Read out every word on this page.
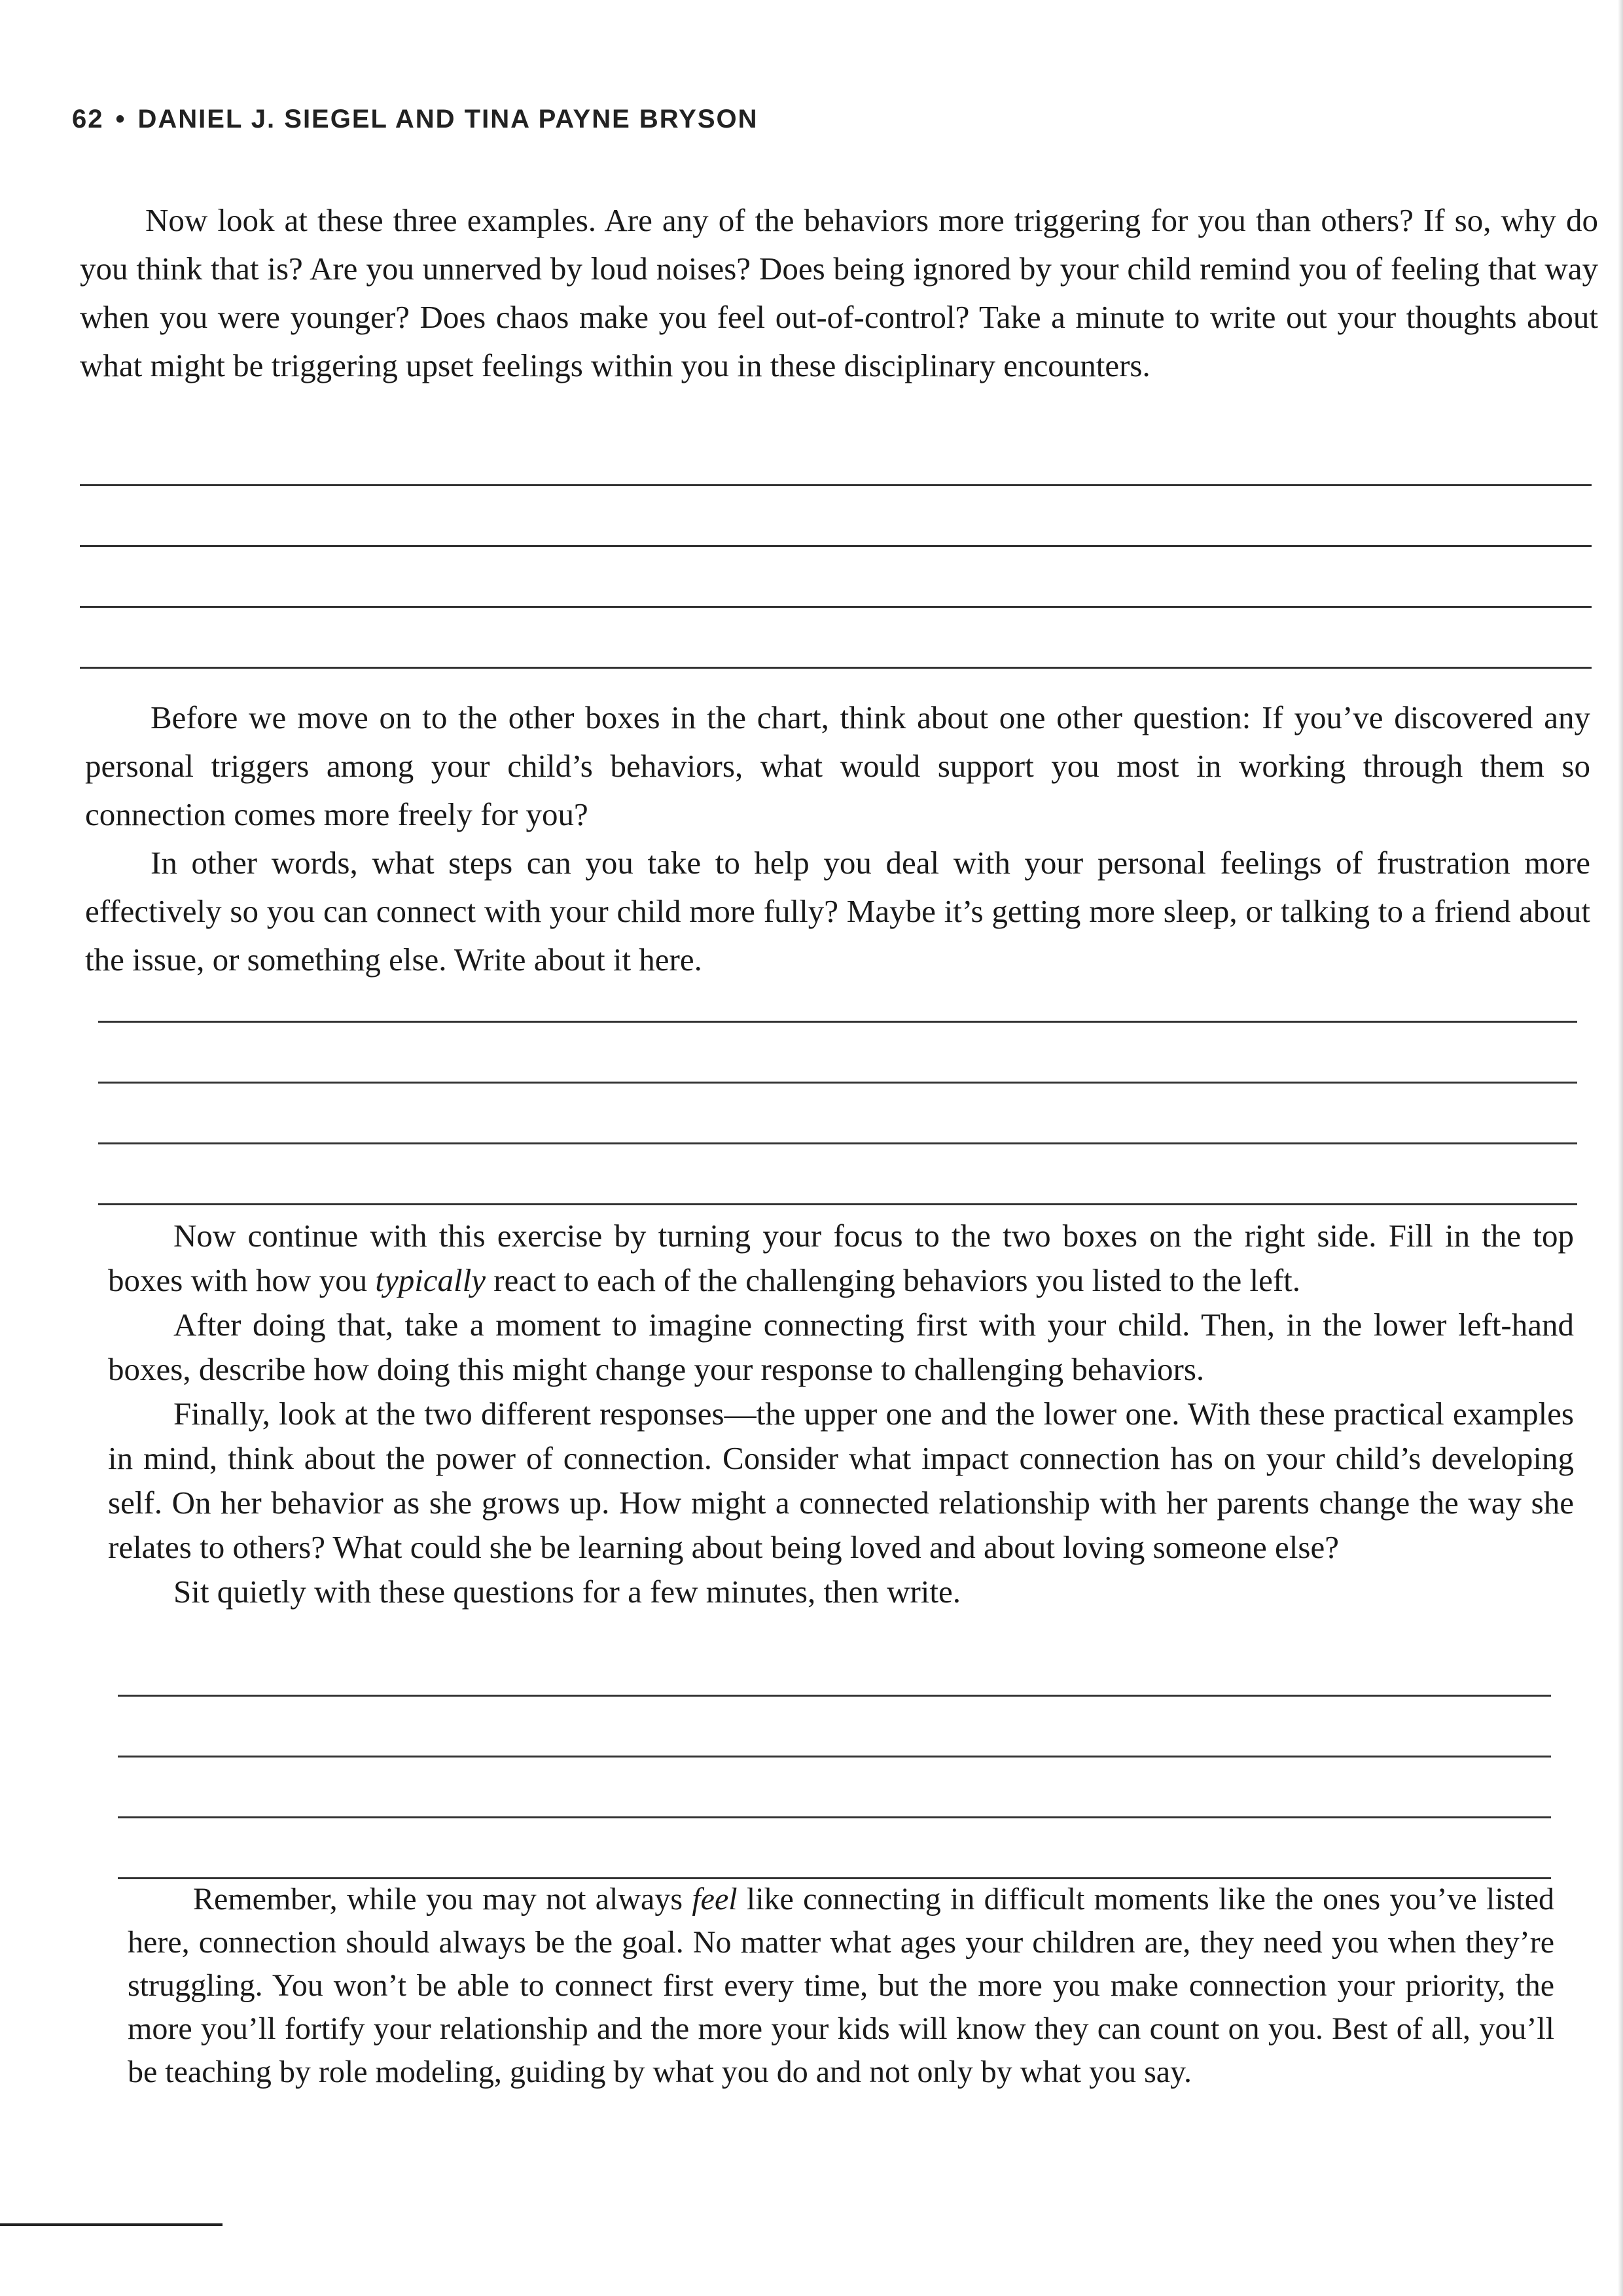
62 • DANIEL J. SIEGEL AND TINA PAYNE BRYSON

Now look at these three examples. Are any of the behaviors more triggering for you than others? If so, why do you think that is? Are you unnerved by loud noises? Does being ignored by your child remind you of feeling that way when you were younger? Does chaos make you feel out-of-control? Take a minute to write out your thoughts about what might be triggering upset feelings within you in these disciplinary encounters.

Before we move on to the other boxes in the chart, think about one other question: If you’ve discovered any personal triggers among your child’s behaviors, what would support you most in working through them so connection comes more freely for you?

In other words, what steps can you take to help you deal with your personal feelings of frustration more effectively so you can connect with your child more fully? Maybe it’s getting more sleep, or talking to a friend about the issue, or something else. Write about it here.

Now continue with this exercise by turning your focus to the two boxes on the right side. Fill in the top boxes with how you typically react to each of the challenging behaviors you listed to the left.

After doing that, take a moment to imagine connecting first with your child. Then, in the lower left-hand boxes, describe how doing this might change your response to challenging behaviors.

Finally, look at the two different responses—the upper one and the lower one. With these practical examples in mind, think about the power of connection. Consider what impact connection has on your child’s developing self. On her behavior as she grows up. How might a connected relationship with her parents change the way she relates to others? What could she be learning about being loved and about loving someone else?

Sit quietly with these questions for a few minutes, then write.

Remember, while you may not always feel like connecting in difficult moments like the ones you’ve listed here, connection should always be the goal. No matter what ages your children are, they need you when they’re struggling. You won’t be able to connect first every time, but the more you make connection your priority, the more you’ll fortify your relationship and the more your kids will know they can count on you. Best of all, you’ll be teaching by role modeling, guiding by what you do and not only by what you say.
